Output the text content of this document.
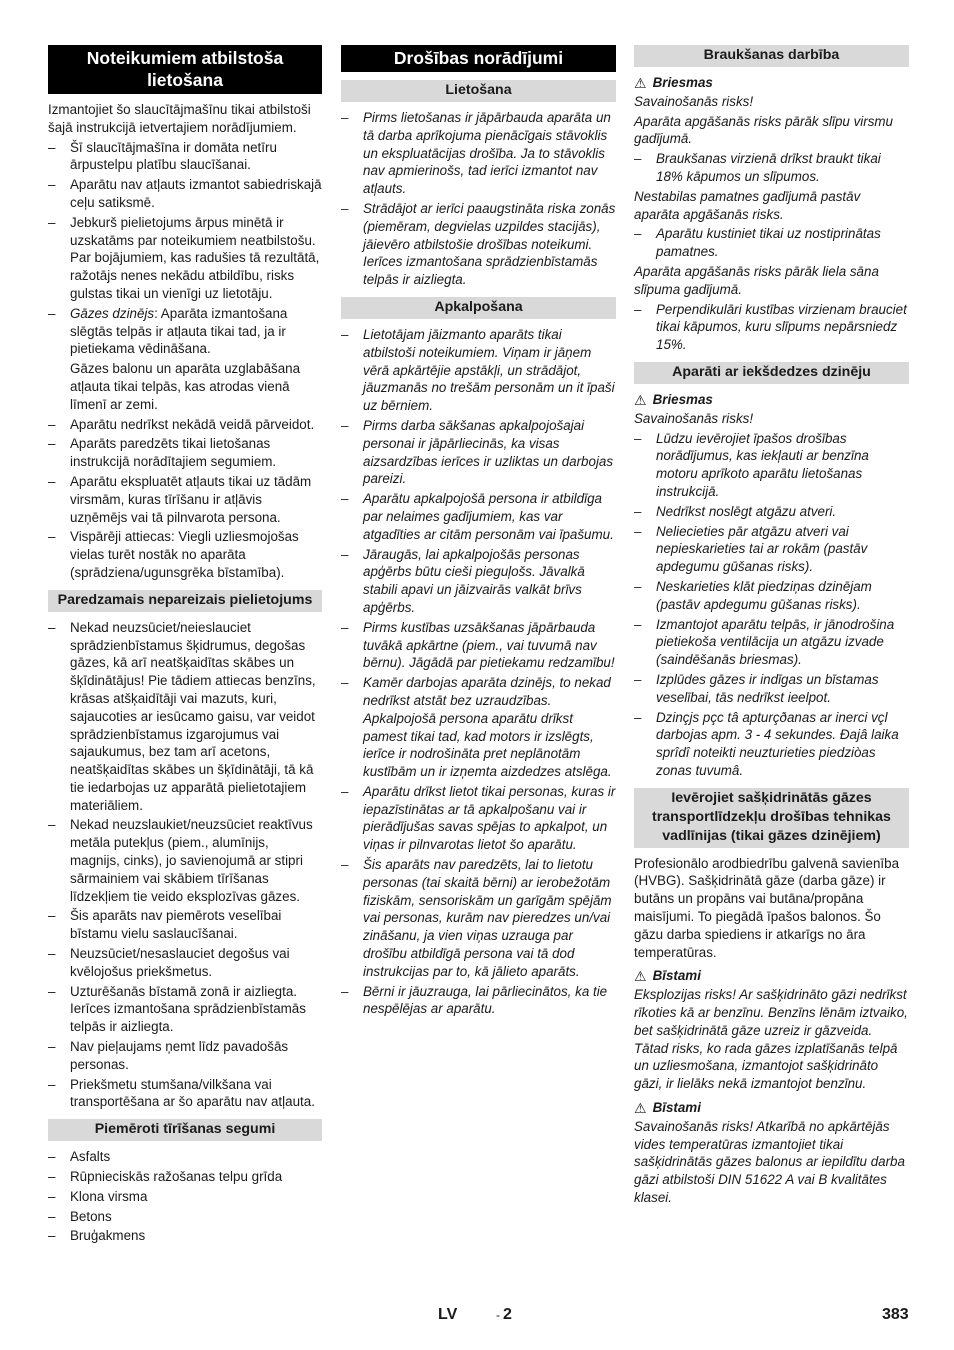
Noteikumiem atbilstoša lietošana

Izmantojiet šo slaucītājmašīnu tikai atbilstoši šajā instrukcijā ietvertajiem norādījumiem.

– Šī slaucītājmašīna ir domāta netīru ārpustelpu platību slaucīšanai.
– Aparātu nav atļauts izmantot sabiedriskajā ceļu satiksmē.
– Jebkurš pielietojums ārpus minētā ir uzskatāms par noteikumiem neatbilstošu. Par bojājumiem, kas radušies tā rezultātā, ražotājs nenes nekādu atbildību, risks gulstas tikai un vienīgi uz lietotāju.
– Gāzes dzinējs: Aparāta izmantošana slēgtās telpās ir atļauta tikai tad, ja ir pietiekama vēdināšana.
Gāzes balonu un aparāta uzglabāšana atļauta tikai telpās, kas atrodas vienā līmenī ar zemi.
– Aparātu nedrīkst nekādā veidā pārveidot.
– Aparāts paredzēts tikai lietošanas instrukcijā norādītajiem segumiem.
– Aparātu ekspluatēt atļauts tikai uz tādām virsmām, kuras tīrīšanu ir atļāvis uzņēmējs vai tā pilnvarota persona.
– Vispārēji attiecas: Viegli uzliesmojošas vielas turēt nostāk no aparāta (sprādziena/ugunsgrēka bīstamība).
Paredzamais nepareizais pielietojums
– Nekad neuzsūciet/neieslauciet sprādzienbīstamus šķidrumus, degošas gāzes, kā arī neatšķaidītas skābes un šķīdinātājus! Pie tādiem attiecas benzīns, krāsas atšķaidītāji vai mazuts, kuri, sajaucoties ar iesūcamo gaisu, var veidot sprādzienbīstamus izgarojumus vai sajaukumus, bez tam arī acetons, neatšķaidītas skābes un šķīdinātāji, tā kā tie iedarbojas uz apparātā pielietotajiem materiāliem.
– Nekad neuzslaukiet/neuzsūciet reaktīvus metāla putekļus (piem., alumīnijs, magnijs, cinks), jo savienojumā ar stipri sārmainiem vai skābiem tīrīšanas līdzekļiem tie veido eksplozīvas gāzes.
– Šis aparāts nav piemērots veselībai bīstamu vielu saslaucīšanai.
– Neuzsūciet/nesaslauciet degošus vai kvēlojošus priekšmetus.
– Uzturēšanās bīstamā zonā ir aizliegta. Ierīces izmantošana sprādzienbīstamās telpās ir aizliegta.
– Nav pieļaujams ņemt līdz pavadošās personas.
– Priekšmetu stumšana/vilkšana vai transportēšana ar šo aparātu nav atļauta.
Piemēroti tīrīšanas segumi
– Asfalts
– Rūpnieciskās ražošanas telpu grīda
– Klona virsma
– Betons
– Bruģakmens
Drošības norādījumi
Lietošana
– Pirms lietošanas ir jāpārbauda aparāta un tā darba aprīkojuma pienācīgais stāvoklis un ekspluatācijas drošība. Ja to stāvoklis nav apmierinošs, tad ierīci izmantot nav atļauts.
– Strādājot ar ierīci paaugstināta riska zonās (piemēram, degvielas uzpildes stacijās), jāievēro atbilstošie drošības noteikumi. Ierīces izmantošana sprādzienbīstamās telpās ir aizliegta.
Apkalpošana
– Lietotājam jāizmanto aparāts tikai atbilstoši noteikumiem. Viņam ir jāņem vērā apkārtējie apstākļi, un strādājot, jāuzmanās no trešām personām un it īpaši uz bērniem.
– Pirms darba sākšanas apkalpojošajai personai ir jāpārliecinās, ka visas aizsardzības ierīces ir uzliktas un darbojas pareizi.
– Aparātu apkalpojošā persona ir atbildīga par nelaimes gadījumiem, kas var atgadīties ar citām personām vai īpašumu.
– Jāraugās, lai apkalpojošās personas apģērbs būtu cieši pieguļošs. Jāvalkā stabili apavi un jāizvairās valkāt brīvs apģērbs.
– Pirms kustības uzsākšanas jāpārbauda tuvākā apkārtne (piem., vai tuvumā nav bērnu). Jāgādā par pietiekamu redzamību!
– Kamēr darbojas aparāta dzinējs, to nekad nedrīkst atstāt bez uzraudzības. Apkalpojošā persona aparātu drīkst pamest tikai tad, kad motors ir izslēgts, ierīce ir nodrošināta pret neplānotām kustībām un ir izņemta aizdedzes atslēga.
– Aparātu drīkst lietot tikai personas, kuras ir iepazīstinātas ar tā apkalpošanu vai ir pierādījušas savas spējas to apkalpot, un viņas ir pilnvarotas lietot šo aparātu.
– Šis aparāts nav paredzēts, lai to lietotu personas (tai skaitā bērni) ar ierobežotām fiziskām, sensoriskām un garīgām spējām vai personas, kurām nav pieredzes un/vai zināšanu, ja vien viņas uzrauga par drošību atbildīgā persona vai tā dod instrukcijas par to, kā jālieto aparāts.
– Bērni ir jāuzrauga, lai pārliecinātos, ka tie nespēlējas ar aparātu.
Braukšanas darbība
⚠ Briesmas

Savainošanās risks!

Aparāta apgāšanās risks pārāk slīpu virsmu gadījumā.

– Braukšanas virzienā drīkst braukt tikai 18% kāpumos un slīpumos.

Nestabilas pamatnes gadījumā pastāv aparāta apgāšanās risks.

– Aparātu kustiniet tikai uz nostiprinātas pamatnes.

Aparāta apgāšanās risks pārāk liela sāna slīpuma gadījumā.

– Perpendikulāri kustības virzienam brauciet tikai kāpumos, kuru slīpums nepārsniedz 15%.
Aparāti ar iekšdedzes dzinēju
⚠ Briesmas

Savainošanās risks!

– Lūdzu ievērojiet īpašos drošības norādījumus, kas iekļauti ar benzīna motoru aprīkoto aparātu lietošanas instrukcijā.
– Nedrīkst noslēgt atgāzu atveri.
– Neliecieties pār atgāzu atveri vai nepieskarieties tai ar rokām (pastāv apdegumu gūšanas risks).
– Neskarieties klāt piedziņas dzinējam (pastāv apdegumu gūšanas risks).
– Izmantojot aparātu telpās, ir jānodrošina pietiekoša ventilācija un atgāzu izvade (saindēšanās briesmas).
– Izplūdes gāzes ir indīgas un bīstamas veselībai, tās nedrīkst ieelpot.
– Dzinçjs pçc tâ apturçðanas ar inerci vçl darbojas apm. 3 - 4 sekundes. Ðajâ laika sprîdî noteikti neuzturieties piedziòas zonas tuvumâ.
Ievērojiet sašķidrinātās gāzes transportlīdzekļu drošības tehnikas vadlīnijas (tikai gāzes dzinējiem)

Profesionālo arodbiedrību galvenā savienība (HVBG). Sašķidrinātā gāze (darba gāze) ir butāns un propāns vai butāna/propāna maisījumi. To piegādā īpašos balonos. Šo gāzu darba spiediens ir atkarīgs no āra temperatūras.

⚠ Bīstami

Eksplozijas risks! Ar sašķidrināto gāzi nedrīkst rīkoties kā ar benzīnu. Benzīns lēnām iztvaiko, bet sašķidrinātā gāze uzreiz ir gāzveida. Tātad risks, ko rada gāzes izplatīšanās telpā un uzliesmošana, izmantojot sašķidrināto gāzi, ir lielāks nekā izmantojot benzīnu.

⚠ Bīstami

Savainošanās risks! Atkarībā no apkārtējās vides temperatūras izmantojiet tikai sašķidrinātās gāzes balonus ar iepildītu darba gāzi atbilstoši DIN 51622 A vai B kvalitātes klasei.

LV	- 2	383
